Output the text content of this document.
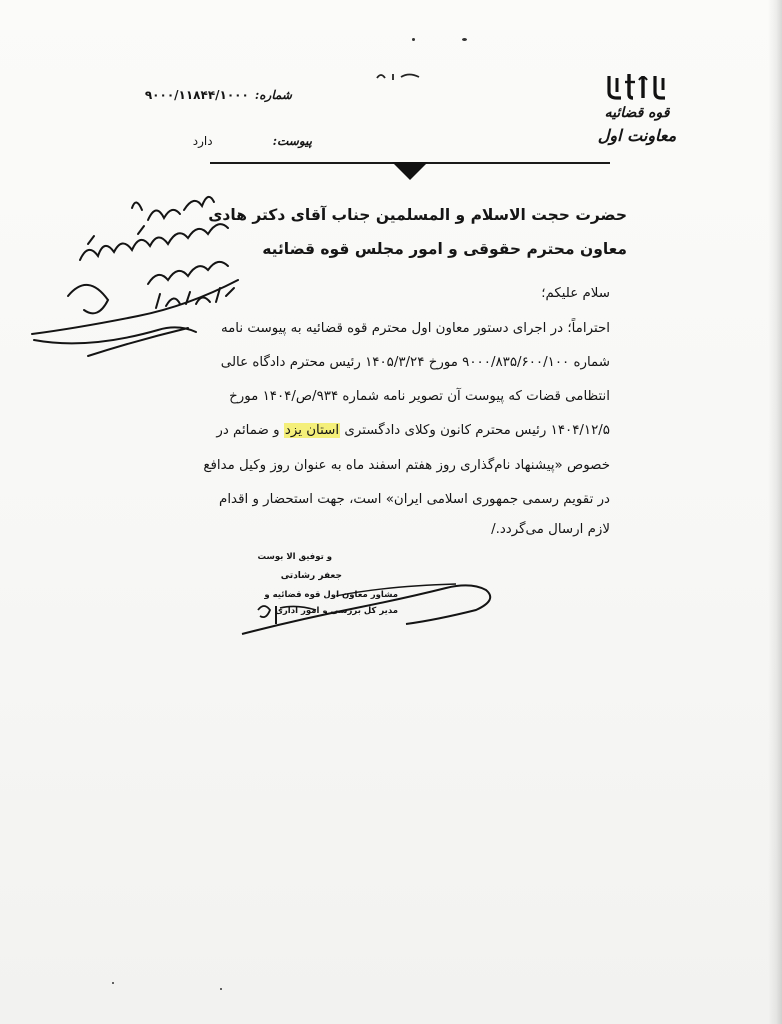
قوه قضائیه
معاونت اول
شماره:۹۰۰۰/۱۱۸۴۴/۱۰۰۰
پیوست:دارد
حضرت حجت الاسلام و المسلمین جناب آقای دکتر هادی
معاون محترم حقوقی و امور مجلس قوه قضائیه
سلام علیکم؛
احتراماً؛ در اجرای دستور معاون اول محترم قوه قضائیه به پیوست نامه
شماره ۹۰۰۰/۸۳۵/۶۰۰/۱۰۰ مورخ ۱۴۰۵/۳/۲۴ رئیس محترم دادگاه عالی
انتظامی قضات که پیوست آن تصویر نامه شماره ۹۳۴/ص/۱۴۰۴ مورخ
۱۴۰۴/۱۲/۵ رئیس محترم کانون وکلای دادگستری استان یزد و ضمائم در
خصوص «پیشنهاد نام‌گذاری روز هفتم اسفند ماه به عنوان روز وکیل مدافع
در تقویم رسمی جمهوری اسلامی ایران» است، جهت استحضار و اقدام
لازم ارسال می‌گردد./
و توفیق الا بوست
جعفر رشادتی
مشاور معاون اول قوه قضائیه و
مدیر کل بررسی و امور اداری
